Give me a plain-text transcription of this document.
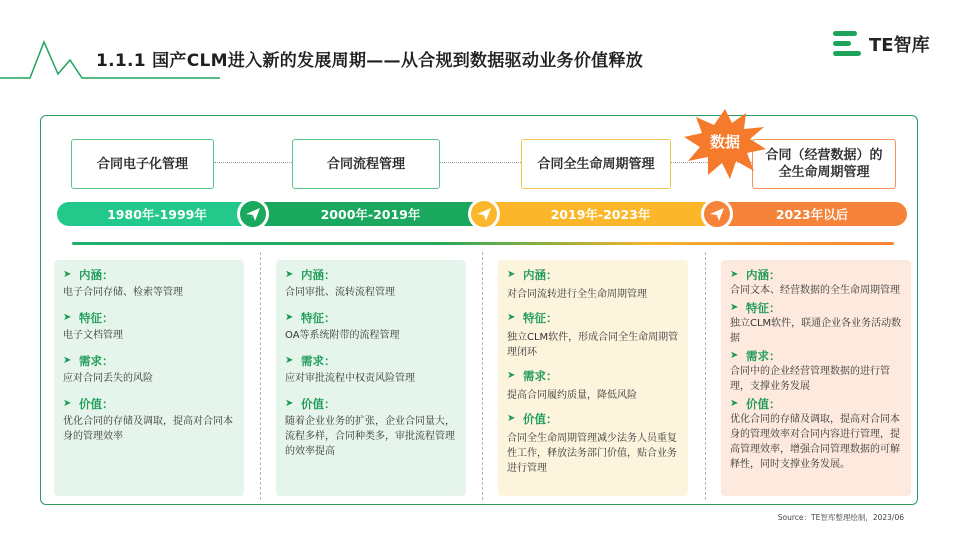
1.1.1 国产CLM进入新的发展周期——从合规到数据驱动业务价值释放
TE智库
合同电子化管理	合同流程管理	合同全生命周期管理
合同（经营数据）的
全生命周期管理
数据
1980年-1999年	2000年-2019年	2019年-2023年	2023年以后
➤ 内涵：
电子合同存储、检索等管理
➤ 特征：
电子文档管理
➤ 需求：
应对合同丢失的风险
➤ 价值：
优化合同的存储及调取，提高对合同本身的管理效率
➤ 内涵：
合同审批、流转流程管理
➤ 特征：
OA等系统附带的流程管理
➤ 需求：
应对审批流程中权责风险管理
➤ 价值：
随着企业业务的扩张，企业合同量大，流程多样，合同种类多，审批流程管理的效率提高
➤ 内涵：
对合同流转进行全生命周期管理
➤ 特征：
独立CLM软件，形成合同全生命周期管理闭环
➤ 需求：
提高合同履约质量，降低风险
➤ 价值：
合同全生命周期管理减少法务人员重复性工作，释放法务部门价值，贴合业务进行管理
➤ 内涵：
合同文本、经营数据的全生命周期管理
➤ 特征：
独立CLM软件，联通企业各业务活动数据
➤ 需求：
合同中的企业经营管理数据的进行管理，支撑业务发展
➤ 价值：
优化合同的存储及调取，提高对合同本身的管理效率对合同内容进行管理，提高管理效率，增强合同管理数据的可解释性，同时支撑业务发展。
Source：TE智库整理绘制，2023/06
